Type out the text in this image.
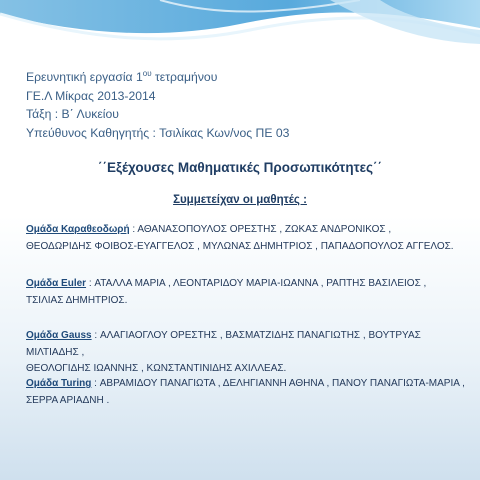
Ερευνητική εργασία $1^{o\upsilon}$ τετραμήνου
ΓΕ.Λ Μίκρας 2013-2014
Τάξη : Β΄ Λυκείου
Υπεύθυνος Καθηγητής : Τσιλίκας Κων/νος ΠΕ 03
΄΄Εξέχουσες Μαθηματικές Προσωπικότητες΄΄
Συμμετείχαν οι μαθητές :
Ομάδα Καραθεοδωρή : ΑΘΑΝΑΣΟΠΟΥΛΟΣ ΟΡΕΣΤΗΣ , ΖΩΚΑΣ ΑΝΔΡΟΝΙΚΟΣ ,
ΘΕΟΔΩΡΙΔΗΣ ΦΟΙΒΟΣ-ΕΥΑΓΓΕΛΟΣ , ΜΥΛΩΝΑΣ ΔΗΜΗΤΡΙΟΣ , ΠΑΠΑΔΟΠΟΥΛΟΣ ΑΓΓΕΛΟΣ.
Ομάδα Euler : ΑΤΑΛΛΑ ΜΑΡΙΑ , ΛΕΟΝΤΑΡΙΔΟΥ ΜΑΡΙΑ-ΙΩΑΝΝΑ , ΡΑΠΤΗΣ ΒΑΣΙΛΕΙΟΣ ,
ΤΣΙΛΙΑΣ ΔΗΜΗΤΡΙΟΣ.
Ομάδα Gauss : ΑΛΑΓΙΑΟΓΛΟΥ ΟΡΕΣΤΗΣ , ΒΑΣΜΑΤΖΙΔΗΣ ΠΑΝΑΓΙΩΤΗΣ , ΒΟΥΤΡΥΑΣ ΜΙΛΤΙΑΔΗΣ ,
ΘΕΟΛΟΓΙΔΗΣ ΙΩΑΝΝΗΣ , ΚΩΝΣΤΑΝΤΙΝΙΔΗΣ ΑΧΙΛΛΕΑΣ.
Ομάδα Turing : ΑΒΡΑΜΙΔΟΥ ΠΑΝΑΓΙΩΤΑ , ΔΕΛΗΓΙΑΝΝΗ ΑΘΗΝΑ , ΠΑΝΟΥ ΠΑΝΑΓΙΩΤΑ-ΜΑΡΙΑ ,
ΣΕΡΡΑ ΑΡΙΑΔΝΗ .
